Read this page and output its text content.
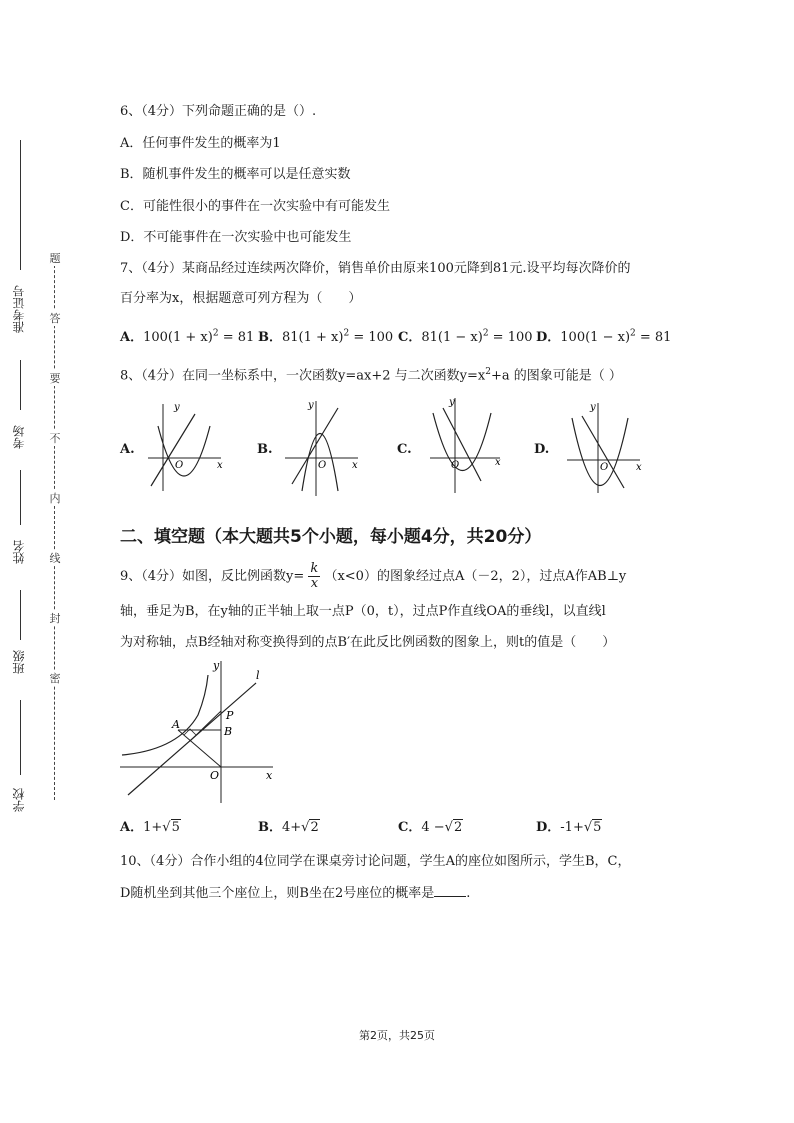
准考证号
考场
姓名
班级
学校
题
答
要
不
内
线
封
密
6、（4分）下列命题正确的是（）.
A．任何事件发生的概率为1
B．随机事件发生的概率可以是任意实数
C．可能性很小的事件在一次实验中有可能发生
D．不可能事件在一次实验中也可能发生
7、（4分）某商品经过连续两次降价，销售单价由原来100元降到81元.设平均每次降价的
百分率为x，根据题意可列方程为（　　）
A．$100(1 + x)^2 = 81$ B．$81(1 + x)^2 = 100$ C．$81(1 - x)^2 = 100$ D．$100(1 - x)^2 = 81$
8、（4分）在同一坐标系中，一次函数y=ax+2 与二次函数$y=x^2+a$ 的图象可能是（ ）
A.	B.	C.	D.
y
x
O
y
x
O
y
x
O
y
x
O
二、填空题（本大题共5个小题，每小题4分，共20分）
9、（4分）如图，反比例函数$y= \frac{k}{x} (x<0)$的图象经过点A（－2，2），过点A作AB⊥y
轴，垂足为B，在y轴的正半轴上取一点P（0，t），过点P作直线OA的垂线l，以直线l
为对称轴，点B经轴对称变换得到的点B′在此反比例函数的图象上，则t的值是（　　）
y
x
l
A
P
B
O
A．1+√5	B．4+√2	C．4 −√2	D．-1+√5
10、（4分）合作小组的4位同学在课桌旁讨论问题，学生A的座位如图所示，学生B，C，
D随机坐到其他三个座位上，则B坐在2号座位的概率是 .
第2页，共25页
